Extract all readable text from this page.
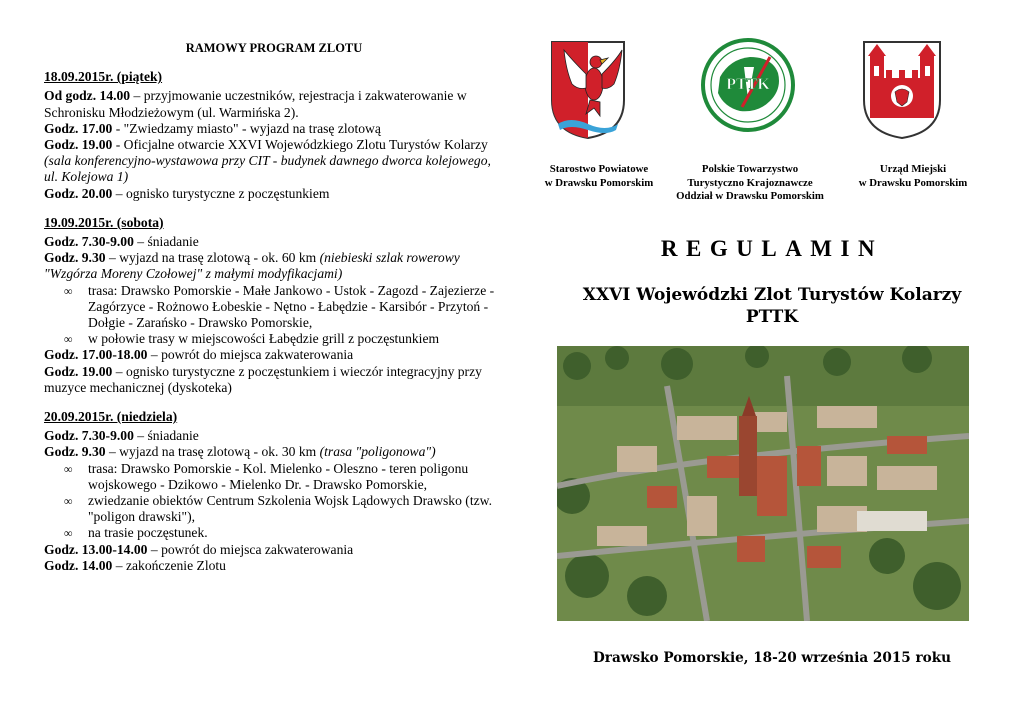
RAMOWY PROGRAM ZLOTU
18.09.2015r. (piątek)
Od godz. 14.00 – przyjmowanie uczestników, rejestracja i zakwaterowanie w Schronisku Młodzieżowym (ul. Warmińska 2).
Godz. 17.00 - "Zwiedzamy miasto" - wyjazd na trasę zlotową
Godz. 19.00 - Oficjalne otwarcie XXVI Wojewódzkiego Zlotu Turystów Kolarzy (sala konferencyjno-wystawowa przy CIT - budynek dawnego dworca kolejowego, ul. Kolejowa 1)
Godz. 20.00 – ognisko turystyczne z poczęstunkiem
19.09.2015r. (sobota)
Godz. 7.30-9.00 – śniadanie
Godz. 9.30 – wyjazd na trasę zlotową - ok. 60 km (niebieski szlak rowerowy "Wzgórza Moreny Czołowej" z małymi modyfikacjami)
∞ trasa: Drawsko Pomorskie - Małe Jankowo - Ustok - Zagozd - Zajezierze - Zagórzyce - Rożnowo Łobeskie - Nętno - Łabędzie - Karsibór - Przytoń - Dołgie - Zarańsko - Drawsko Pomorskie,
∞ w połowie trasy w miejscowości Łabędzie grill z poczęstunkiem
Godz. 17.00-18.00 – powrót do miejsca zakwaterowania
Godz. 19.00 – ognisko turystyczne z poczęstunkiem i wieczór integracyjny przy muzyce mechanicznej (dyskoteka)
20.09.2015r. (niedziela)
Godz. 7.30-9.00 – śniadanie
Godz. 9.30 – wyjazd na trasę zlotową - ok. 30 km (trasa "poligonowa")
∞ trasa: Drawsko Pomorskie - Kol. Mielenko - Oleszno - teren poligonu wojskowego - Dzikowo - Mielenko Dr. - Drawsko Pomorskie,
∞ zwiedzanie obiektów Centrum Szkolenia Wojsk Lądowych Drawsko (tzw. "poligon drawski"),
∞ na trasie poczęstunek.
Godz. 13.00-14.00 – powrót do miejsca zakwaterowania
Godz. 14.00 – zakończenie Zlotu
PTTK
Starostwo Powiatowe
w Drawsku Pomorskim
Polskie Towarzystwo
Turystyczno Krajoznawcze
Oddział w Drawsku Pomorskim
Urząd Miejski
w Drawsku Pomorskim
REGULAMIN
XXVI Wojewódzki Zlot Turystów Kolarzy
PTTK
Drawsko Pomorskie, 18-20 września 2015 roku
